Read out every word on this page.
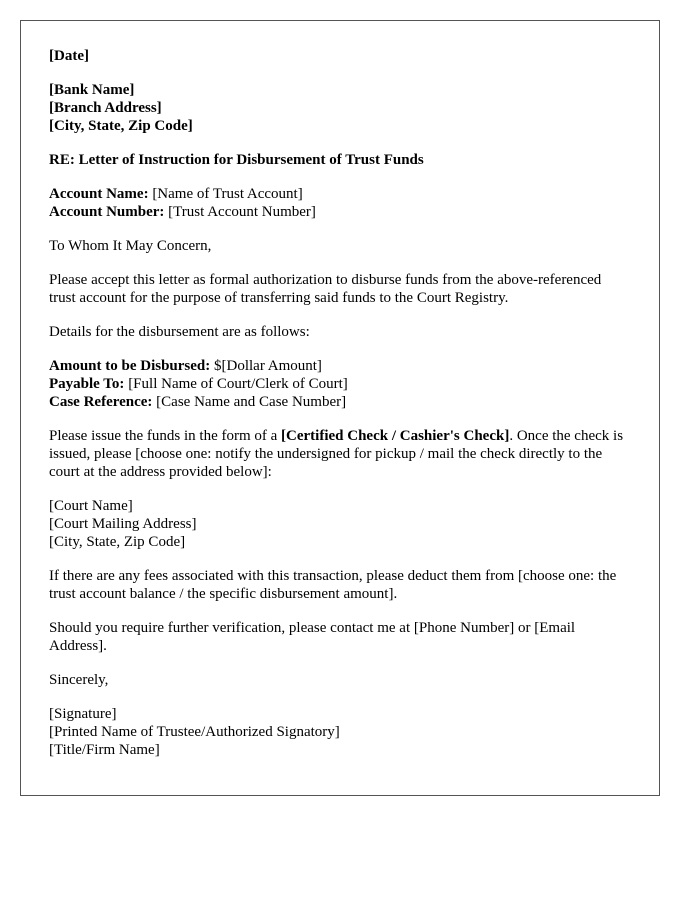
[Date]
[Bank Name]
[Branch Address]
[City, State, Zip Code]
RE: Letter of Instruction for Disbursement of Trust Funds
Account Name: [Name of Trust Account]
Account Number: [Trust Account Number]
To Whom It May Concern,
Please accept this letter as formal authorization to disburse funds from the above-referenced trust account for the purpose of transferring said funds to the Court Registry.
Details for the disbursement are as follows:
Amount to be Disbursed: $[Dollar Amount]
Payable To: [Full Name of Court/Clerk of Court]
Case Reference: [Case Name and Case Number]
Please issue the funds in the form of a [Certified Check / Cashier's Check]. Once the check is issued, please [choose one: notify the undersigned for pickup / mail the check directly to the court at the address provided below]:
[Court Name]
[Court Mailing Address]
[City, State, Zip Code]
If there are any fees associated with this transaction, please deduct them from [choose one: the trust account balance / the specific disbursement amount].
Should you require further verification, please contact me at [Phone Number] or [Email Address].
Sincerely,
[Signature]
[Printed Name of Trustee/Authorized Signatory]
[Title/Firm Name]
